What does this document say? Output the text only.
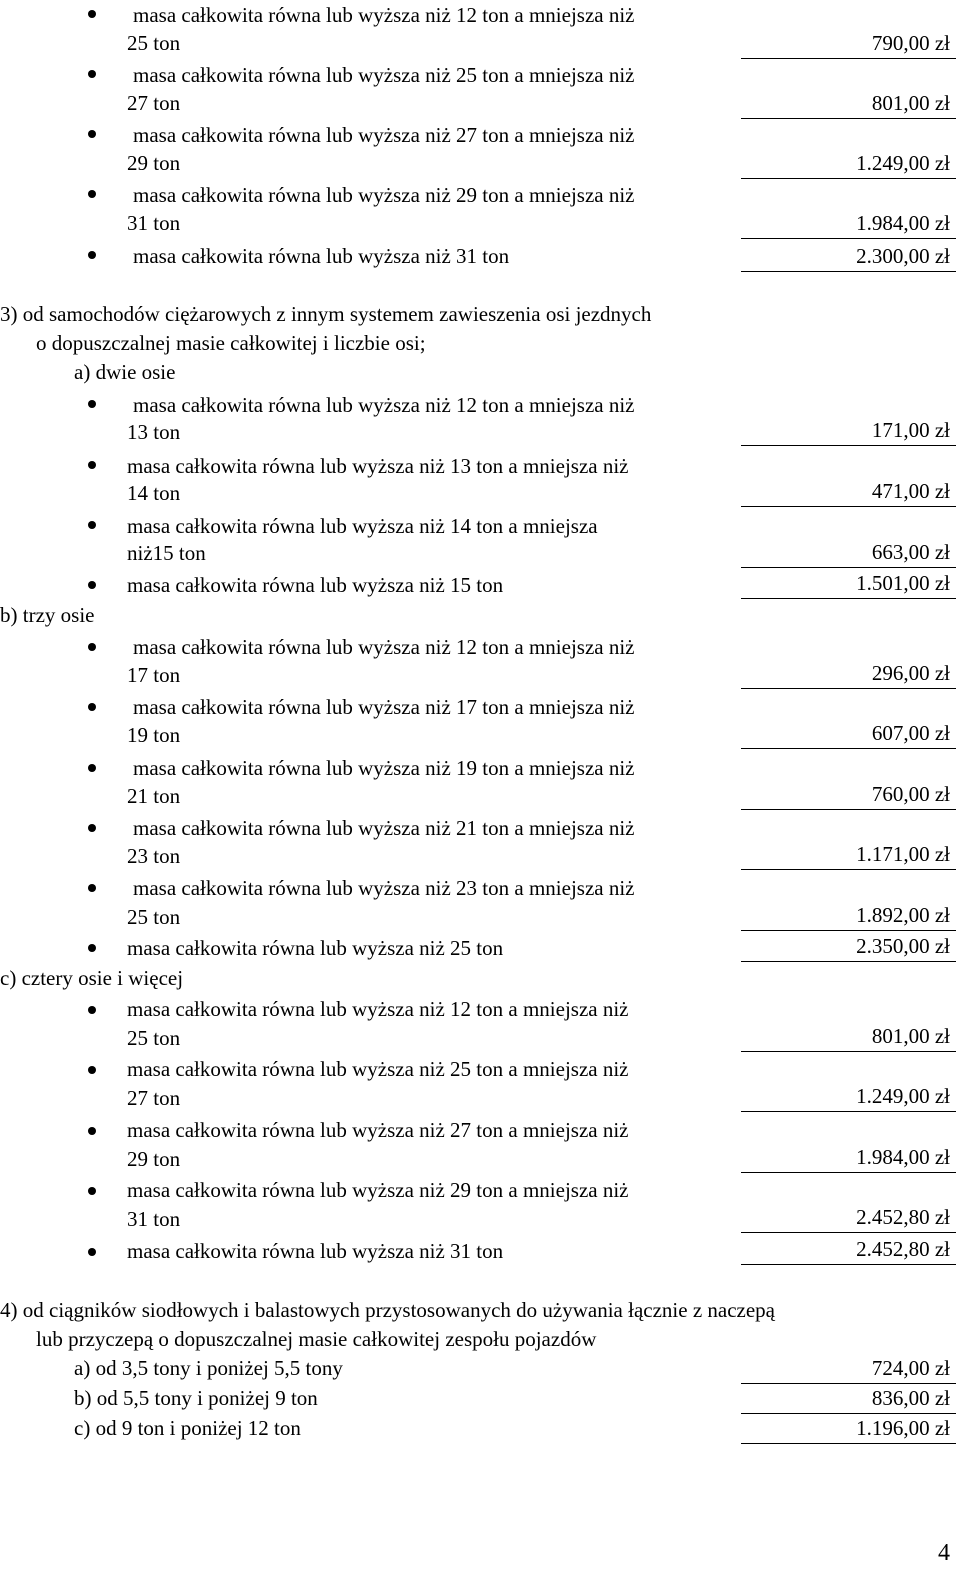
masa całkowita równa lub wyższa niż 12 ton a mniejsza niż
25 ton	790,00 zł
masa całkowita równa lub wyższa niż 25 ton a mniejsza niż
27 ton	801,00 zł
masa całkowita równa lub wyższa niż 27 ton a mniejsza niż
29 ton	1.249,00 zł
masa całkowita równa lub wyższa niż 29 ton a mniejsza niż
31 ton	1.984,00 zł
masa całkowita równa lub wyższa niż 31 ton	2.300,00 zł
3) od samochodów ciężarowych z innym systemem zawieszenia osi jezdnych
o dopuszczalnej masie całkowitej i liczbie osi;
a) dwie osie
masa całkowita równa lub wyższa niż 12 ton a mniejsza niż
13 ton	171,00 zł
masa całkowita równa lub wyższa niż 13 ton a mniejsza niż
14 ton	471,00 zł
masa całkowita równa lub wyższa niż 14 ton a mniejsza
niż15 ton	663,00 zł
masa całkowita równa lub wyższa niż 15 ton	1.501,00 zł
b) trzy osie
masa całkowita równa lub wyższa niż 12 ton a mniejsza niż
17 ton	296,00 zł
masa całkowita równa lub wyższa niż 17 ton a mniejsza niż
19 ton	607,00 zł
masa całkowita równa lub wyższa niż 19 ton a mniejsza niż
21 ton	760,00 zł
masa całkowita równa lub wyższa niż 21 ton a mniejsza niż
23 ton	1.171,00 zł
masa całkowita równa lub wyższa niż 23 ton a mniejsza niż
25 ton	1.892,00 zł
masa całkowita równa lub wyższa niż 25 ton	2.350,00 zł
c) cztery osie i więcej
masa całkowita równa lub wyższa niż 12 ton a mniejsza niż
25 ton	801,00 zł
masa całkowita równa lub wyższa niż 25 ton a mniejsza niż
27 ton	1.249,00 zł
masa całkowita równa lub wyższa niż 27 ton a mniejsza niż
29 ton	1.984,00 zł
masa całkowita równa lub wyższa niż 29 ton a mniejsza niż
31 ton	2.452,80 zł
masa całkowita równa lub wyższa niż 31 ton	2.452,80 zł
4) od ciągników siodłowych i balastowych przystosowanych do używania łącznie z naczepą
lub przyczepą o dopuszczalnej masie całkowitej zespołu pojazdów
a) od 3,5 tony i poniżej 5,5 tony	724,00 zł
b) od 5,5 tony i poniżej 9 ton	836,00 zł
c) od 9 ton i poniżej 12 ton	1.196,00 zł
4
